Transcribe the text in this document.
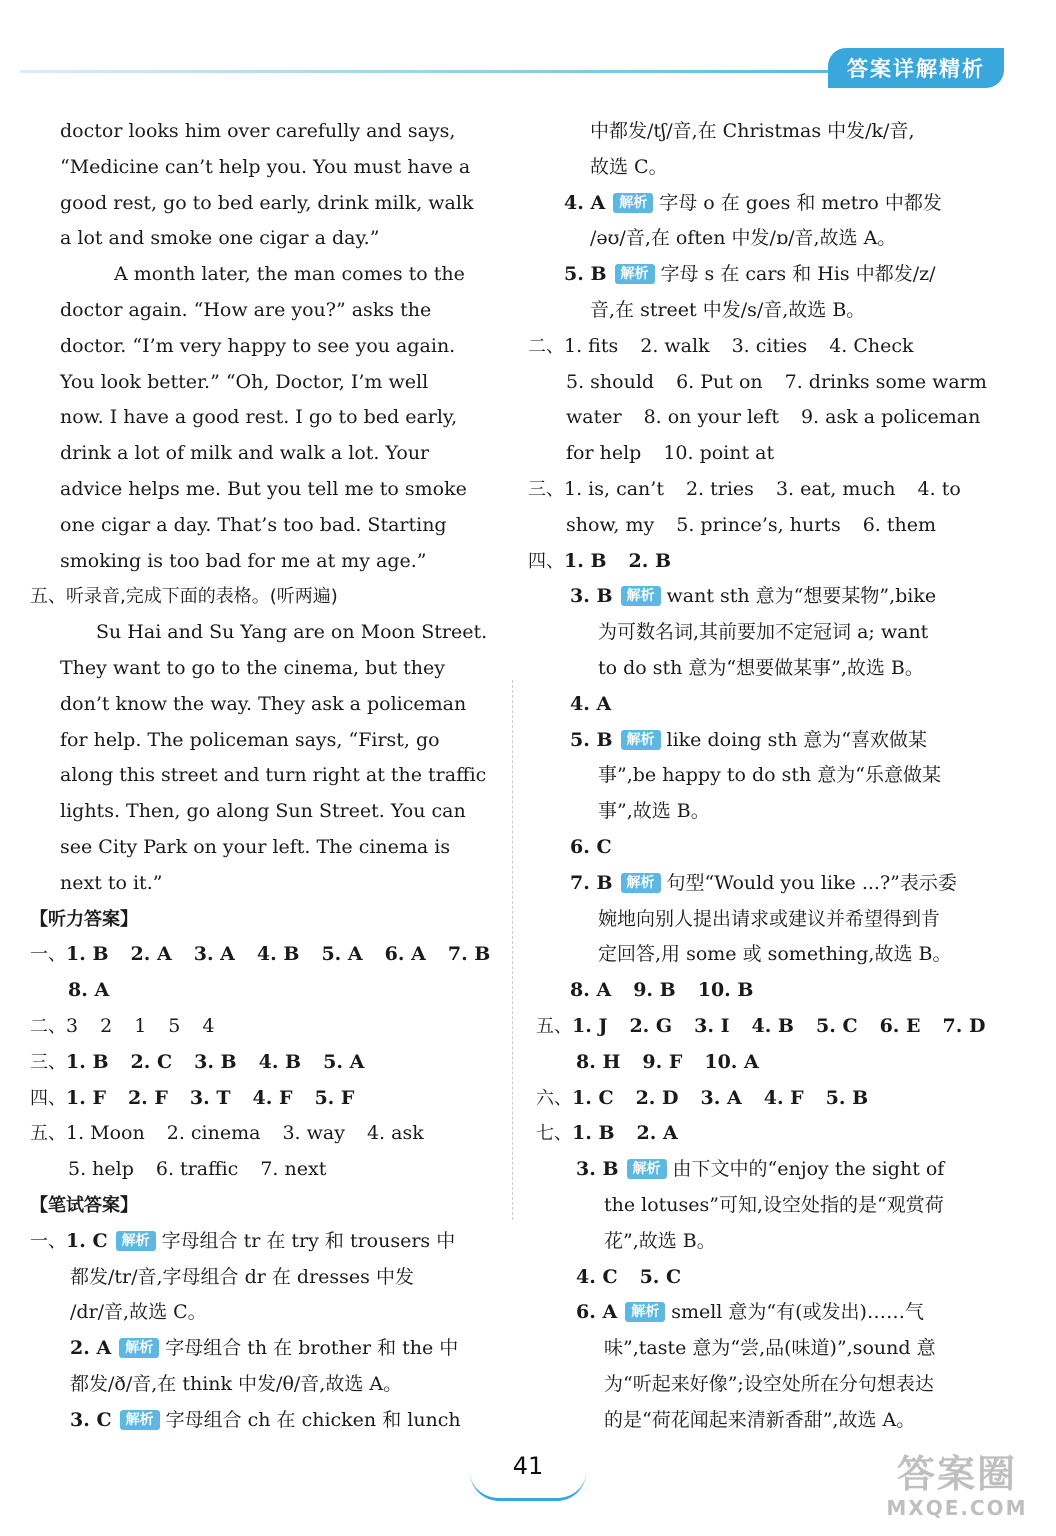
答案详解精析
doctor looks him over carefully and says,
“Medicine can’t help you. You must have a
good rest, go to bed early, drink milk, walk
a lot and smoke one cigar a day.”
A month later, the man comes to the
doctor again. “How are you?” asks the
doctor. “I’m very happy to see you again.
You look better.” “Oh, Doctor, I’m well
now. I have a good rest. I go to bed early,
drink a lot of milk and walk a lot. Your
advice helps me. But you tell me to smoke
one cigar a day. That’s too bad. Starting
smoking is too bad for me at my age.”
五、听录音,完成下面的表格。(听两遍)
Su Hai and Su Yang are on Moon Street.
They want to go to the cinema, but they
don’t know the way. They ask a policeman
for help. The policeman says, “First, go
along this street and turn right at the traffic
lights. Then, go along Sun Street. You can
see City Park on your left. The cinema is
next to it.”
【听力答案】
一、1. B 2. A 3. A 4. B 5. A 6. A 7. B
8. A
二、3 2 1 5 4
三、1. B 2. C 3. B 4. B 5. A
四、1. F 2. F 3. T 4. F 5. F
五、1. Moon 2. cinema 3. way 4. ask
5. help 6. traffic 7. next
【笔试答案】
一、1. C 解析 字母组合 tr 在 try 和 trousers 中
都发/tr/音,字母组合 dr 在 dresses 中发
/dr/音,故选 C。
2. A 解析 字母组合 th 在 brother 和 the 中
都发/ð/音,在 think 中发/θ/音,故选 A。
3. C 解析 字母组合 ch 在 chicken 和 lunch
中都发/tʃ/音,在 Christmas 中发/k/音,
故选 C。
4. A 解析 字母 o 在 goes 和 metro 中都发
/əʊ/音,在 often 中发/ɒ/音,故选 A。
5. B 解析 字母 s 在 cars 和 His 中都发/z/
音,在 street 中发/s/音,故选 B。
二、1. fits 2. walk 3. cities 4. Check
5. should 6. Put on 7. drinks some warm
water 8. on your left 9. ask a policeman
for help 10. point at
三、1. is, can’t 2. tries 3. eat, much 4. to
show, my 5. prince’s, hurts 6. them
四、1. B 2. B
3. B 解析 want sth 意为“想要某物”,bike
为可数名词,其前要加不定冠词 a; want
to do sth 意为“想要做某事”,故选 B。
4. A
5. B 解析 like doing sth 意为“喜欢做某
事”,be happy to do sth 意为“乐意做某
事”,故选 B。
6. C
7. B 解析 句型“Would you like ...?”表示委
婉地向别人提出请求或建议并希望得到肯
定回答,用 some 或 something,故选 B。
8. A 9. B 10. B
五、1. J 2. G 3. I 4. B 5. C 6. E 7. D
8. H 9. F 10. A
六、1. C 2. D 3. A 4. F 5. B
七、1. B 2. A
3. B 解析 由下文中的“enjoy the sight of
the lotuses”可知,设空处指的是“观赏荷
花”,故选 B。
4. C 5. C
6. A 解析 smell 意为“有(或发出)……气
味”,taste 意为“尝,品(味道)”,sound 意
为“听起来好像”;设空处所在分句想表达
的是“荷花闻起来清新香甜”,故选 A。
41	答案圈
MXQE.COM
